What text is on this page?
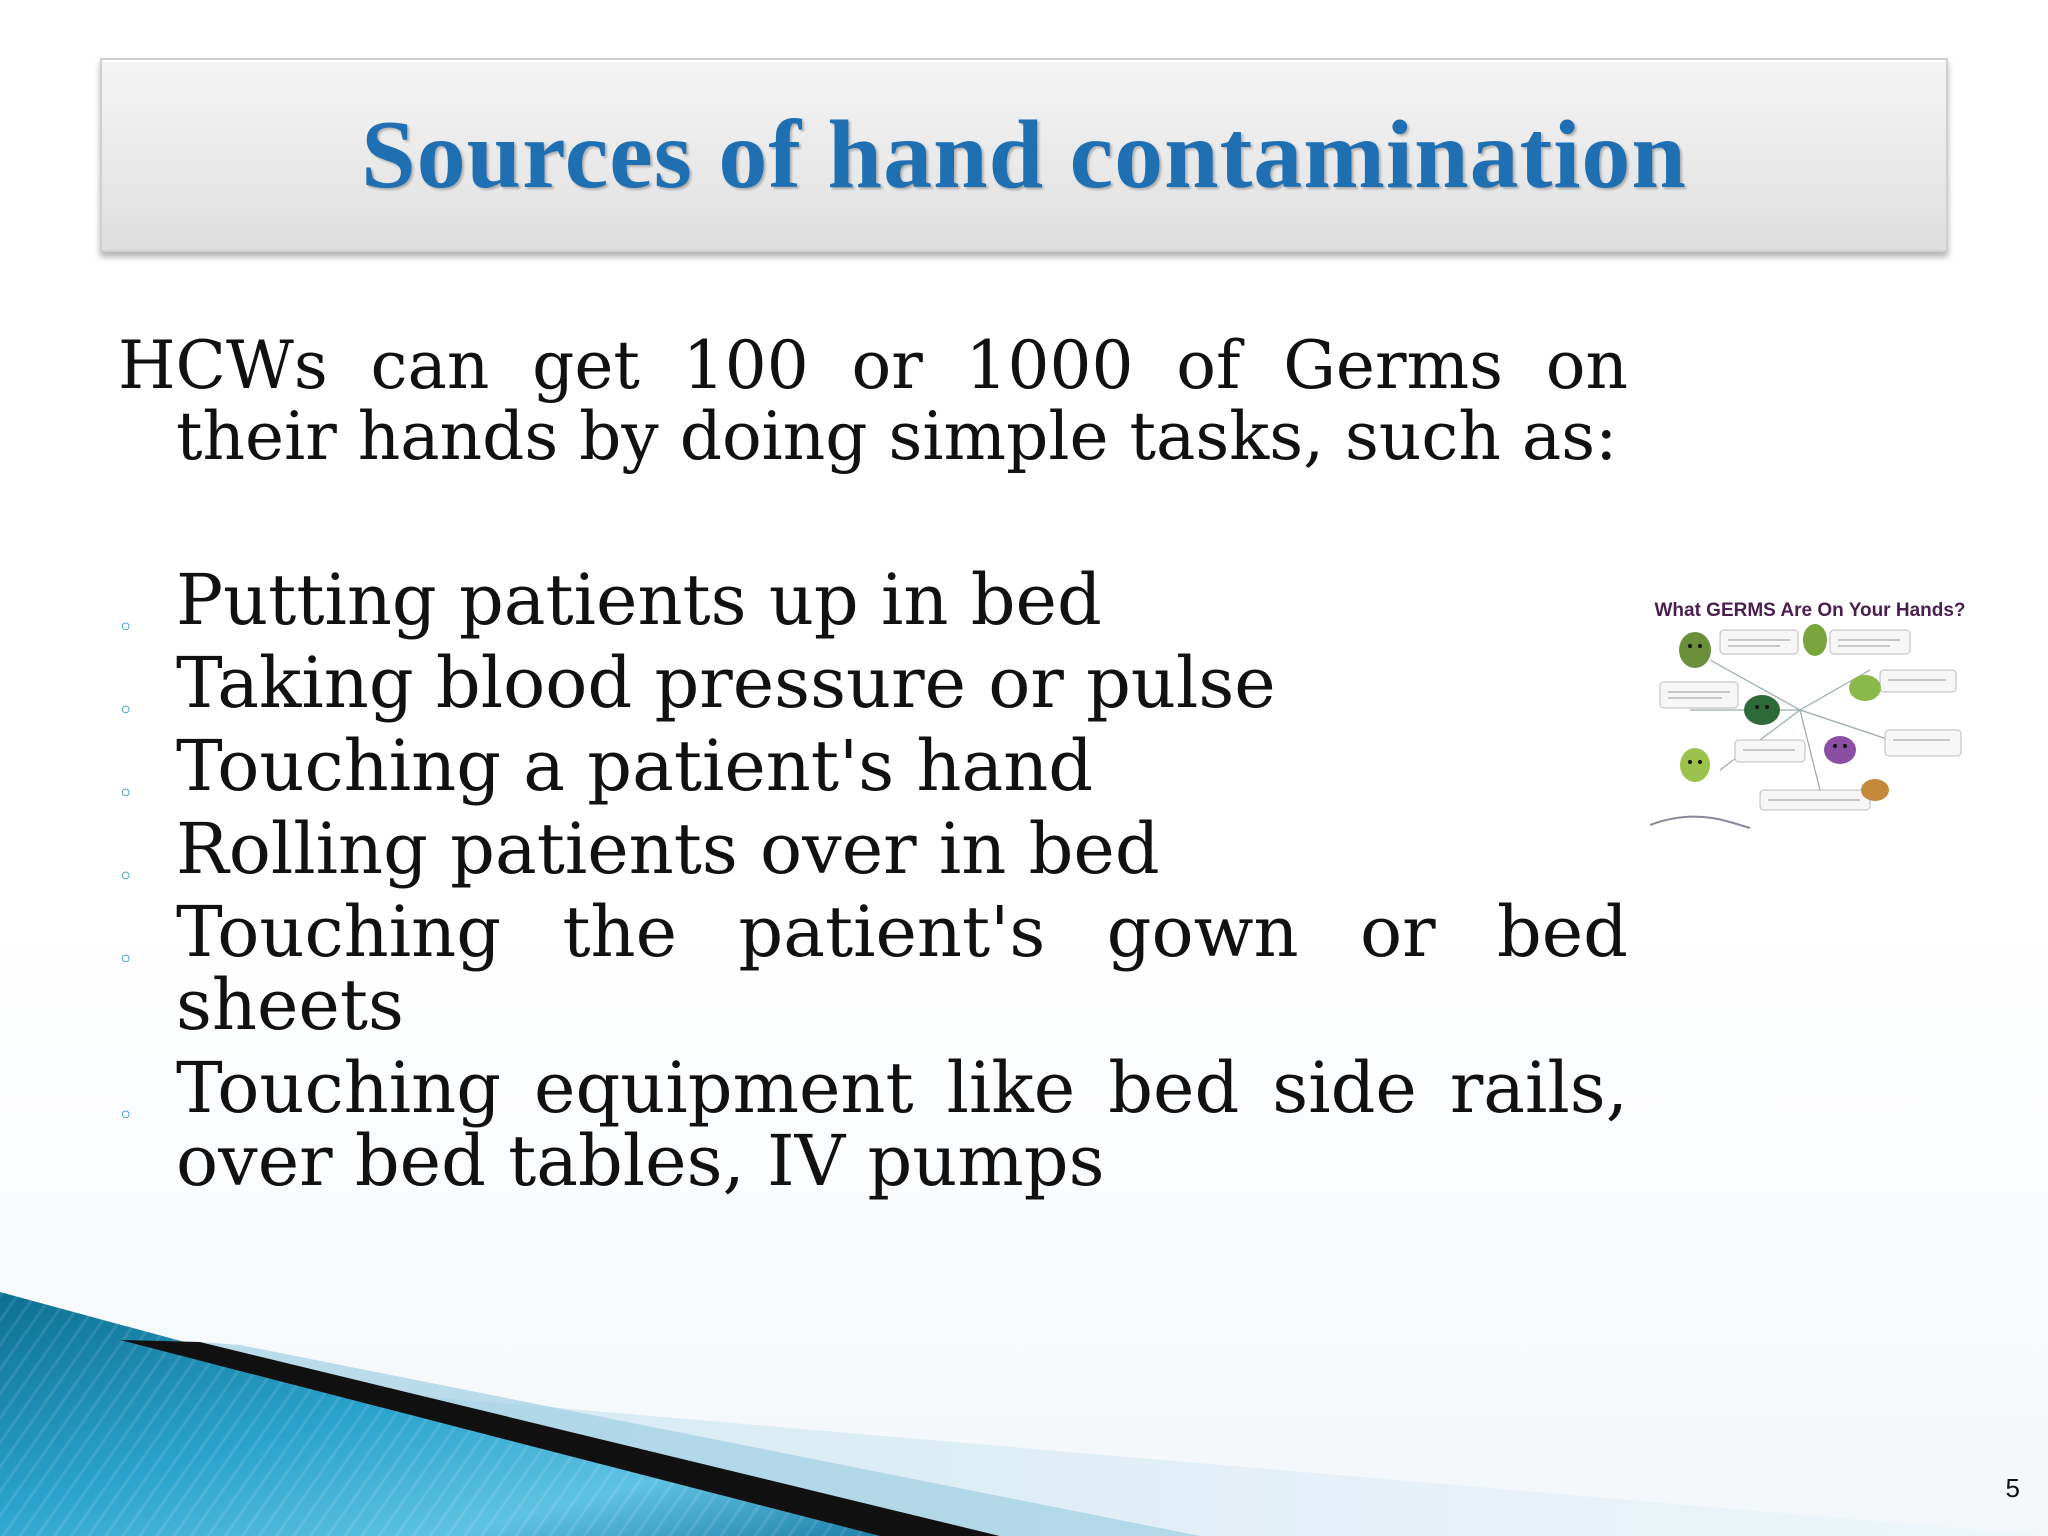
Sources of hand contamination

HCWs can get 100 or 1000 of Germs on their hands by doing simple tasks, such as:

◦ Putting patients up in bed
◦ Taking blood pressure or pulse
◦ Touching a patient's hand
◦ Rolling patients over in bed
◦ Touching the patient's gown or bed sheets
◦ Touching equipment like bed side rails, over bed tables, IV pumps
What GERMS Are On Your Hands?
5
